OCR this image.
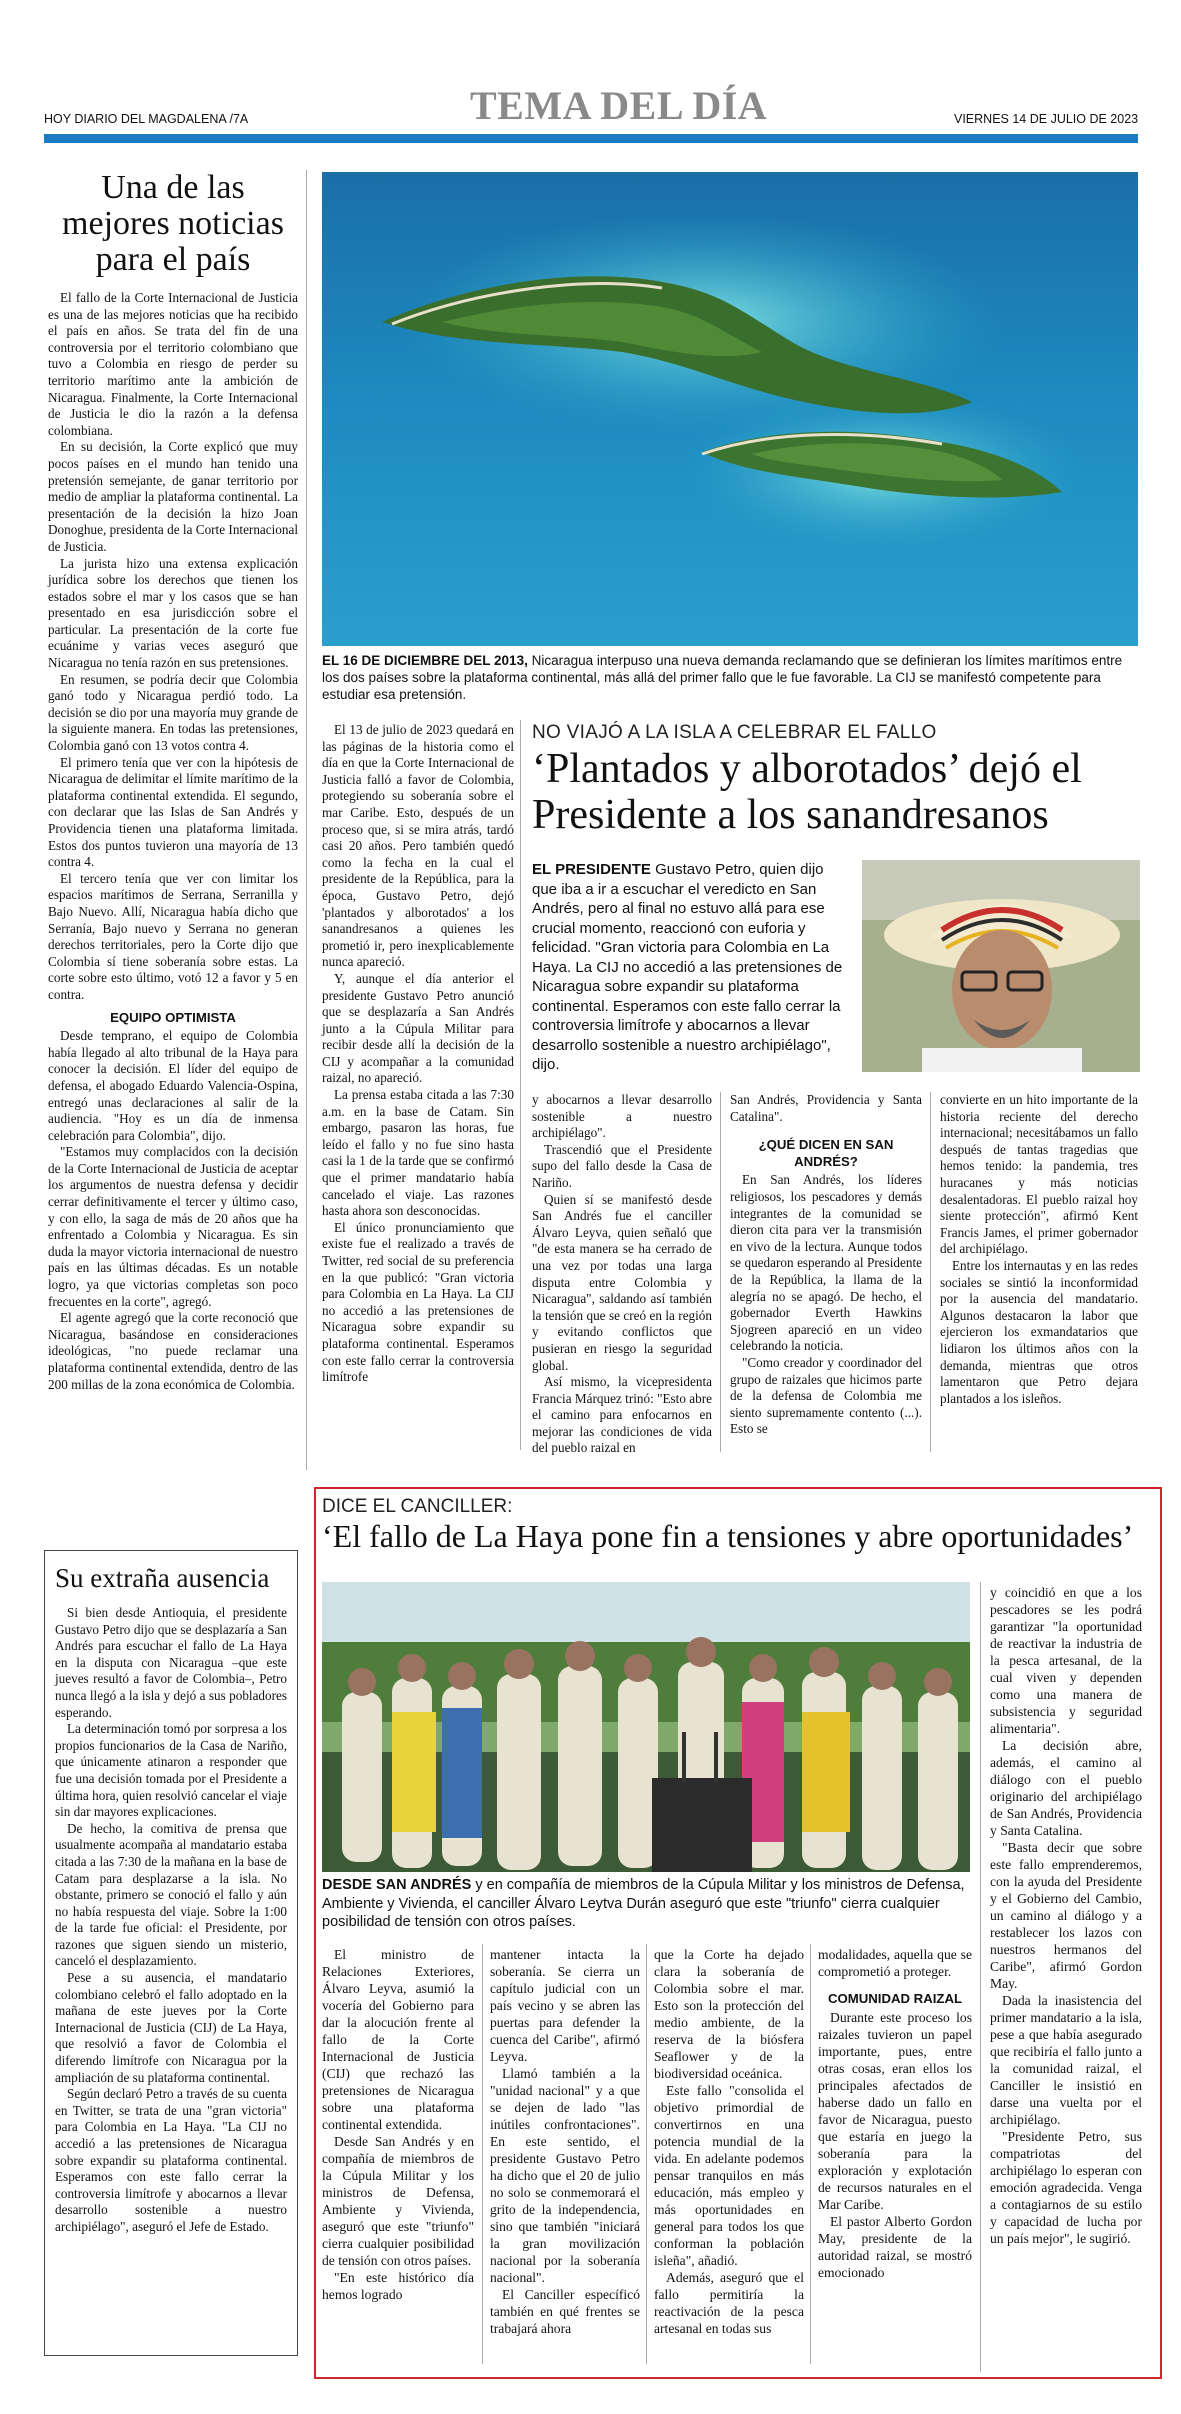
HOY DIARIO DEL MAGDALENA /7A	TEMA DEL DÍA	VIERNES 14 DE JULIO DE 2023
Una de las mejores noticias para el país

El fallo de la Corte Internacional de Justicia es una de las mejores noticias que ha recibido el país en años. Se trata del fin de una controversia por el territorio colombiano que tuvo a Colombia en riesgo de perder su territorio marítimo ante la ambición de Nicaragua. Finalmente, la Corte Internacional de Justicia le dio la razón a la defensa colombiana.

En su decisión, la Corte explicó que muy pocos países en el mundo han tenido una pretensión semejante, de ganar territorio por medio de ampliar la plataforma continental. La presentación de la decisión la hizo Joan Donoghue, presidenta de la Corte Internacional de Justicia.

La jurista hizo una extensa explicación jurídica sobre los derechos que tienen los estados sobre el mar y los casos que se han presentado en esa jurisdicción sobre el particular. La presentación de la corte fue ecuánime y varias veces aseguró que Nicaragua no tenía razón en sus pretensiones.

En resumen, se podría decir que Colombia ganó todo y Nicaragua perdió todo. La decisión se dio por una mayoría muy grande de la siguiente manera. En todas las pretensiones, Colombia ganó con 13 votos contra 4.

El primero tenía que ver con la hipótesis de Nicaragua de delimitar el límite marítimo de la plataforma continental extendida. El segundo, con declarar que las Islas de San Andrés y Providencia tienen una plataforma limitada. Estos dos puntos tuvieron una mayoría de 13 contra 4.

El tercero tenía que ver con limitar los espacios marítimos de Serrana, Serranilla y Bajo Nuevo. Allí, Nicaragua había dicho que Serranía, Bajo nuevo y Serrana no generan derechos territoriales, pero la Corte dijo que Colombia sí tiene soberanía sobre estas. La corte sobre esto último, votó 12 a favor y 5 en contra.

EQUIPO OPTIMISTA

Desde temprano, el equipo de Colombia había llegado al alto tribunal de la Haya para conocer la decisión. El líder del equipo de defensa, el abogado Eduardo Valencia-Ospina, entregó unas declaraciones al salir de la audiencia. "Hoy es un día de inmensa celebración para Colombia", dijo.

"Estamos muy complacidos con la decisión de la Corte Internacional de Justicia de aceptar los argumentos de nuestra defensa y decidir cerrar definitivamente el tercer y último caso, y con ello, la saga de más de 20 años que ha enfrentado a Colombia y Nicaragua. Es sin duda la mayor victoria internacional de nuestro país en las últimas décadas. Es un notable logro, ya que victorias completas son poco frecuentes en la corte", agregó.

El agente agregó que la corte reconoció que Nicaragua, basándose en consideraciones ideológicas, "no puede reclamar una plataforma continental extendida, dentro de las 200 millas de la zona económica de Colombia.

Su extraña ausencia

Si bien desde Antioquia, el presidente Gustavo Petro dijo que se desplazaría a San Andrés para escuchar el fallo de La Haya en la disputa con Nicaragua –que este jueves resultó a favor de Colombia–, Petro nunca llegó a la isla y dejó a sus pobladores esperando.

La determinación tomó por sorpresa a los propios funcionarios de la Casa de Nariño, que únicamente atinaron a responder que fue una decisión tomada por el Presidente a última hora, quien resolvió cancelar el viaje sin dar mayores explicaciones.

De hecho, la comitiva de prensa que usualmente acompaña al mandatario estaba citada a las 7:30 de la mañana en la base de Catam para desplazarse a la isla. No obstante, primero se conoció el fallo y aún no había respuesta del viaje. Sobre la 1:00 de la tarde fue oficial: el Presidente, por razones que siguen siendo un misterio, canceló el desplazamiento.

Pese a su ausencia, el mandatario colombiano celebró el fallo adoptado en la mañana de este jueves por la Corte Internacional de Justicia (CIJ) de La Haya, que resolvió a favor de Colombia el diferendo limítrofe con Nicaragua por la ampliación de su plataforma continental.

Según declaró Petro a través de su cuenta en Twitter, se trata de una "gran victoria" para Colombia en La Haya. "La CIJ no accedió a las pretensiones de Nicaragua sobre expandir su plataforma continental. Esperamos con este fallo cerrar la controversia limítrofe y abocarnos a llevar desarrollo sostenible a nuestro archipiélago", aseguró el Jefe de Estado.

EL 16 DE DICIEMBRE DEL 2013, Nicaragua interpuso una nueva demanda reclamando que se definieran los límites marítimos entre los dos países sobre la plataforma continental, más allá del primer fallo que le fue favorable. La CIJ se manifestó competente para estudiar esa pretensión.

El 13 de julio de 2023 quedará en las páginas de la historia como el día en que la Corte Internacional de Justicia falló a favor de Colombia, protegiendo su soberanía sobre el mar Caribe. Esto, después de un proceso que, si se mira atrás, tardó casi 20 años. Pero también quedó como la fecha en la cual el presidente de la República, para la época, Gustavo Petro, dejó 'plantados y alborotados' a los sanandresanos a quienes les prometió ir, pero inexplicablemente nunca apareció.

Y, aunque el día anterior el presidente Gustavo Petro anunció que se desplazaría a San Andrés junto a la Cúpula Militar para recibir desde allí la decisión de la CIJ y acompañar a la comunidad raizal, no apareció.

La prensa estaba citada a las 7:30 a.m. en la base de Catam. Sin embargo, pasaron las horas, fue leído el fallo y no fue sino hasta casi la 1 de la tarde que se confirmó que el primer mandatario había cancelado el viaje. Las razones hasta ahora son desconocidas.

El único pronunciamiento que existe fue el realizado a través de Twitter, red social de su preferencia en la que publicó: "Gran victoria para Colombia en La Haya. La CIJ no accedió a las pretensiones de Nicaragua sobre expandir su plataforma continental. Esperamos con este fallo cerrar la controversia limítrofe

NO VIAJÓ A LA ISLA A CELEBRAR EL FALLO
‘Plantados y alborotados’ dejó el Presidente a los sanandresanos
EL PRESIDENTE Gustavo Petro, quien dijo que iba a ir a escuchar el veredicto en San Andrés, pero al final no estuvo allá para ese crucial momento, reaccionó con euforia y felicidad. "Gran victoria para Colombia en La Haya. La CIJ no accedió a las pretensiones de Nicaragua sobre expandir su plataforma continental. Esperamos con este fallo cerrar la controversia limítrofe y abocarnos a llevar desarrollo sostenible a nuestro archipiélago", dijo.

y abocarnos a llevar desarrollo sostenible a nuestro archipiélago".

Trascendió que el Presidente supo del fallo desde la Casa de Nariño.

Quien sí se manifestó desde San Andrés fue el canciller Álvaro Leyva, quien señaló que "de esta manera se ha cerrado de una vez por todas una larga disputa entre Colombia y Nicaragua", saldando así también la tensión que se creó en la región y evitando conflictos que pusieran en riesgo la seguridad global.

Así mismo, la vicepresidenta Francia Márquez trinó: "Esto abre el camino para enfocarnos en mejorar las condiciones de vida del pueblo raizal en

San Andrés, Providencia y Santa Catalina".

¿QUÉ DICEN EN SAN ANDRÉS?

En San Andrés, los líderes religiosos, los pescadores y demás integrantes de la comunidad se dieron cita para ver la transmisión en vivo de la lectura. Aunque todos se quedaron esperando al Presidente de la República, la llama de la alegría no se apagó. De hecho, el gobernador Everth Hawkins Sjogreen apareció en un video celebrando la noticia.

"Como creador y coordinador del grupo de raizales que hicimos parte de la defensa de Colombia me siento supremamente contento (...). Esto se

convierte en un hito importante de la historia reciente del derecho internacional; necesitábamos un fallo después de tantas tragedias que hemos tenido: la pandemia, tres huracanes y más noticias desalentadoras. El pueblo raizal hoy siente protección", afirmó Kent Francis James, el primer gobernador del archipiélago.

Entre los internautas y en las redes sociales se sintió la inconformidad por la ausencia del mandatario. Algunos destacaron la labor que ejercieron los exmandatarios que lidiaron los últimos años con la demanda, mientras que otros lamentaron que Petro dejara plantados a los isleños.

DICE EL CANCILLER:
‘El fallo de La Haya pone fin a tensiones y abre oportunidades’
DESDE SAN ANDRÉS y en compañía de miembros de la Cúpula Militar y los ministros de Defensa, Ambiente y Vivienda, el canciller Álvaro Leytva Durán aseguró que este "triunfo" cierra cualquier posibilidad de tensión con otros países.

El ministro de Relaciones Exteriores, Álvaro Leyva, asumió la vocería del Gobierno para dar la alocución frente al fallo de la Corte Internacional de Justicia (CIJ) que rechazó las pretensiones de Nicaragua sobre una plataforma continental extendida.

Desde San Andrés y en compañía de miembros de la Cúpula Militar y los ministros de Defensa, Ambiente y Vivienda, aseguró que este "triunfo" cierra cualquier posibilidad de tensión con otros países.

"En este histórico día hemos logrado

mantener intacta la soberanía. Se cierra un capítulo judicial con un país vecino y se abren las puertas para defender la cuenca del Caribe", afirmó Leyva.

Llamó también a la "unidad nacional" y a que se dejen de lado "las inútiles confrontaciones". En este sentido, el presidente Gustavo Petro ha dicho que el 20 de julio no solo se conmemorará el grito de la independencia, sino que también "iniciará la gran movilización nacional por la soberanía nacional".

El Canciller específicó también en qué frentes se trabajará ahora

que la Corte ha dejado clara la soberanía de Colombia sobre el mar. Esto son la protección del medio ambiente, de la reserva de la biósfera Seaflower y de la biodiversidad oceánica.

Este fallo "consolida el objetivo primordial de convertirnos en una potencia mundial de la vida. En adelante podemos pensar tranquilos en más educación, más empleo y más oportunidades en general para todos los que conforman la población isleña", añadió.

Además, aseguró que el fallo permitiría la reactivación de la pesca artesanal en todas sus

modalidades, aquella que se comprometió a proteger.

COMUNIDAD RAIZAL

Durante este proceso los raizales tuvieron un papel importante, pues, entre otras cosas, eran ellos los principales afectados de haberse dado un fallo en favor de Nicaragua, puesto que estaría en juego la soberanía para la exploración y explotación de recursos naturales en el Mar Caribe.

El pastor Alberto Gordon May, presidente de la autoridad raizal, se mostró emocionado

y coincidió en que a los pescadores se les podrá garantizar "la oportunidad de reactivar la industria de la pesca artesanal, de la cual viven y dependen como una manera de subsistencia y seguridad alimentaria".

La decisión abre, además, el camino al diálogo con el pueblo originario del archipiélago de San Andrés, Providencia y Santa Catalina.

"Basta decir que sobre este fallo emprenderemos, con la ayuda del Presidente y el Gobierno del Cambio, un camino al diálogo y a restablecer los lazos con nuestros hermanos del Caribe", afirmó Gordon May.

Dada la inasistencia del primer mandatario a la isla, pese a que había asegurado que recibiría el fallo junto a la comunidad raizal, el Canciller le insistió en darse una vuelta por el archipiélago.

"Presidente Petro, sus compatriotas del archipiélago lo esperan con emoción agradecida. Venga a contagiarnos de su estilo y capacidad de lucha por un país mejor", le sugirió.
